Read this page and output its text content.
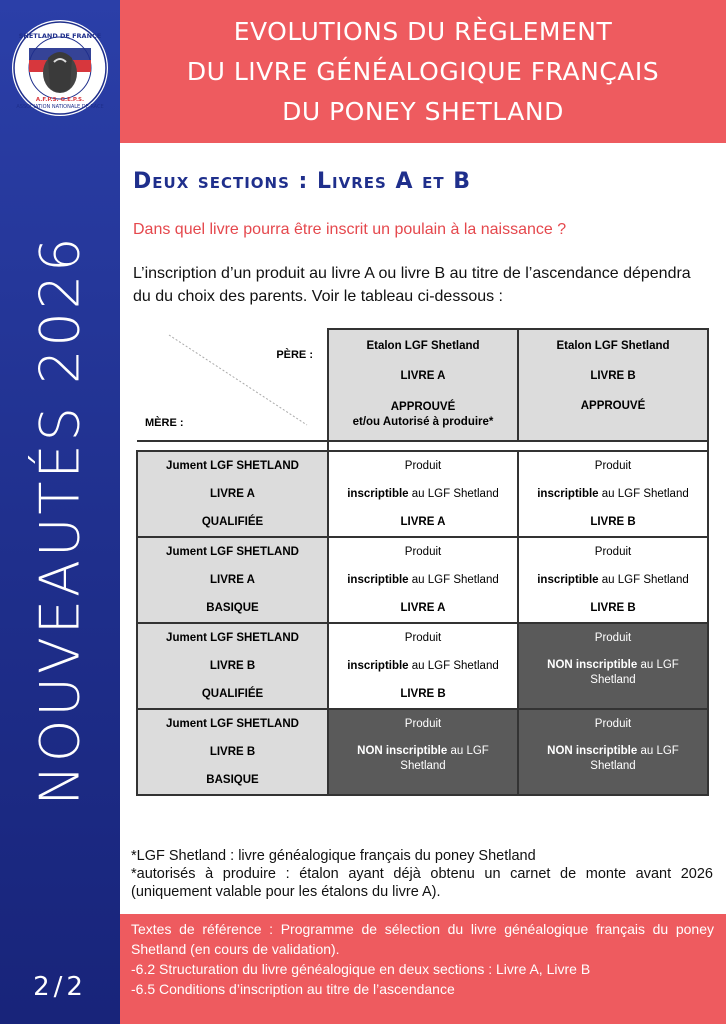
SHETLAND DE FRANCE
ASSOCIATION NATIONALE DE RACE
A.F.P.S. G.E.P.S.
NOUVEAUTÉS 2026
2/2
EVOLUTIONS DU RÈGLEMENT
DU LIVRE GÉNÉALOGIQUE FRANÇAIS
DU PONEY SHETLAND
Deux sections : Livres A et B
Dans quel livre pourra être inscrit un poulain à la naissance ?
L’inscription d’un produit au livre A ou livre B au titre de l’ascendance dépendra du du choix des parents. Voir le tableau ci-dessous :
PÈRE :
MÈRE :	Etalon LGF Shetland
LIVRE A
APPROUVÉ
et/ou Autorisé à produire*	Etalon LGF Shetland
LIVRE B
APPROUVÉ

Jument LGF SHETLAND
LIVRE A
QUALIFIÉE	Produit
inscriptible au LGF Shetland
LIVRE A	Produit
inscriptible au LGF Shetland
LIVRE B

Jument LGF SHETLAND
LIVRE A
BASIQUE	Produit
inscriptible au LGF Shetland
LIVRE A	Produit
inscriptible au LGF Shetland
LIVRE B

Jument LGF SHETLAND
LIVRE B
QUALIFIÉE	Produit
inscriptible au LGF Shetland
LIVRE B	Produit
NON inscriptible au LGF
Shetland

Jument LGF SHETLAND
LIVRE B
BASIQUE	Produit
NON inscriptible au LGF
Shetland	Produit
NON inscriptible au LGF
Shetland
*LGF Shetland : livre généalogique français du poney Shetland
*autorisés à produire : étalon ayant déjà obtenu un carnet de monte avant 2026 (uniquement valable pour les étalons du livre A).
Textes de référence : Programme de sélection du livre généalogique français du poney Shetland (en cours de validation).
-6.2 Structuration du livre généalogique en deux sections : Livre A, Livre B
-6.5 Conditions d’inscription au titre de l’ascendance
